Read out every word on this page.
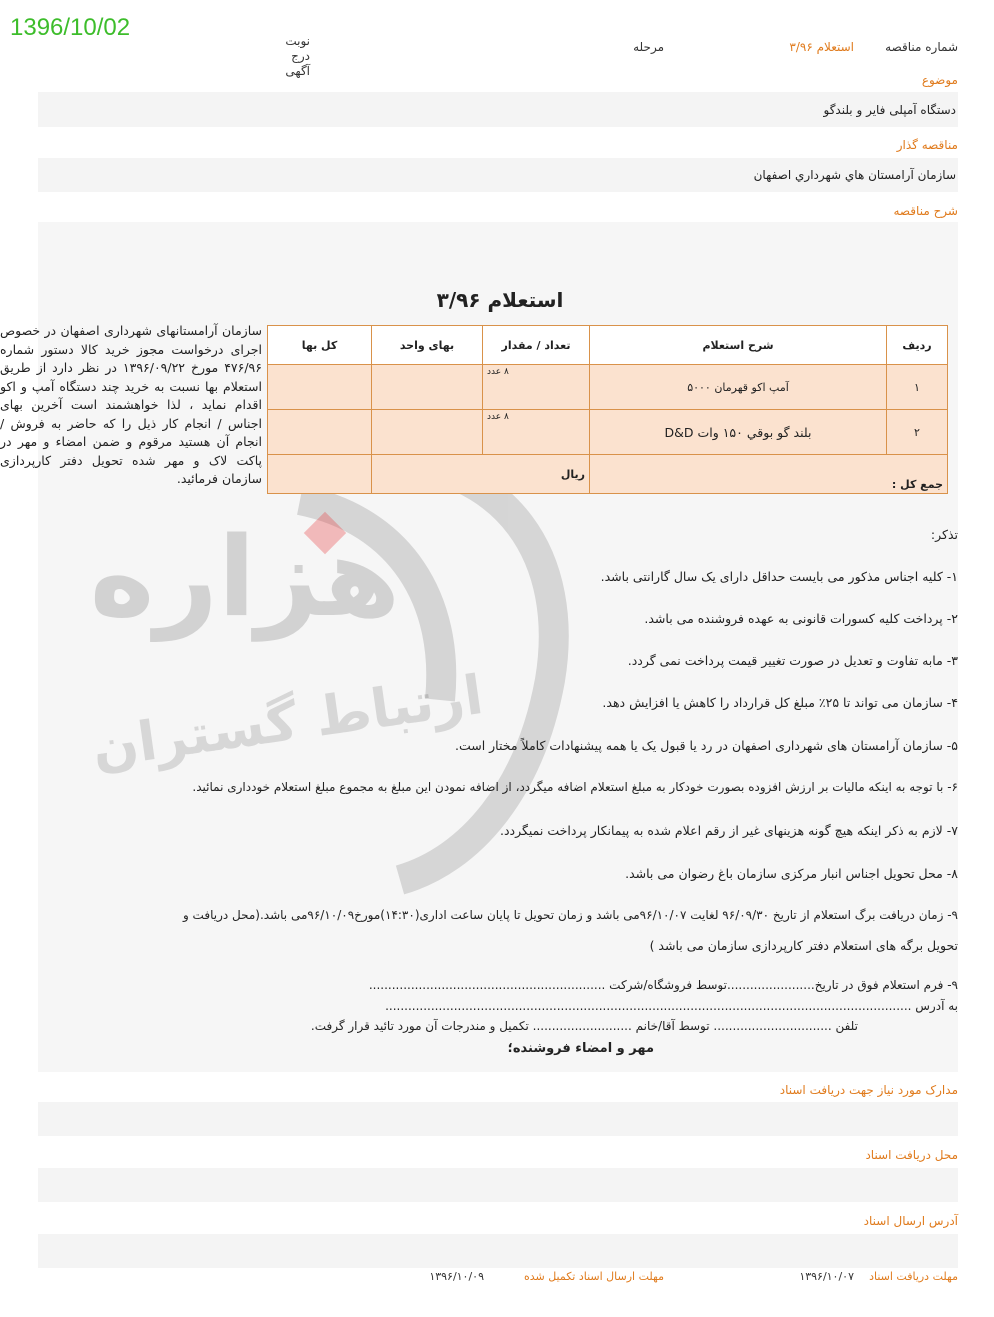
1396/10/02
شماره مناقصه
استعلام ۳/۹۶
مرحله
نوبت درج آگهی
موضوع
دستگاه آمپلی فایر و بلندگو
مناقصه گذار
سازمان آرامستان هاي شهرداري اصفهان
شرح مناقصه
استعلام ۳/۹۶
سازمان آرامستانهای شهرداری اصفهان در خصوص اجرای درخواست مجوز خرید کالا دستور شماره ۴۷۶/۹۶ مورخ ۱۳۹۶/۰۹/۲۲ در نظر دارد از طریق استعلام بها نسبت به خرید چند دستگاه آمپ و اکو اقدام نماید ، لذا خواهشمند است آخرین بهای اجناس / انجام کار ذیل را که حاضر به فروش / انجام آن هستید مرقوم و ضمن امضاء و مهر در پاکت لاک و مهر شده تحویل دفتر کارپردازی سازمان فرمائید.
ردیف	شرح استعلام	تعداد / مقدار	بهای واحد	کل بها
۱	آمپ اکو قهرمان ۵۰۰۰	۸ عدد		
۲	بلند گو بوقي ۱۵۰ وات D&D	۸ عدد		
جمع کل :		ریال		
تذکر:
۱- کلیه اجناس مذکور می بایست حداقل دارای یک سال گارانتی باشد.
۲- پرداخت کلیه کسورات قانونی به عهده فروشنده می باشد.
۳- مابه تفاوت و تعدیل در صورت تغییر قیمت پرداخت نمی گردد.
۴- سازمان می تواند تا ۲۵٪ مبلغ کل قرارداد را کاهش یا افزایش دهد.
۵- سازمان آرامستان های شهرداری اصفهان در رد یا قبول یک یا همه پیشنهادات کاملاً مختار است.
۶- با توجه به اینکه مالیات بر ارزش افزوده بصورت خودکار به مبلغ استعلام اضافه میگردد، از اضافه نمودن این مبلغ به مجموع مبلغ استعلام خودداری نمائید.
۷- لازم به ذکر اینکه هیچ گونه هزینهای غیر از رقم اعلام شده به پیمانکار پرداخت نمیگردد.
۸- محل تحویل اجناس انبار مرکزی سازمان باغ رضوان می باشد.
۹- زمان دریافت برگ استعلام از تاریخ ۹۶/۰۹/۳۰ لغایت ۹۶/۱۰/۰۷می باشد و زمان تحویل تا پایان ساعت اداری(۱۴:۳۰)مورخ۹۶/۱۰/۰۹می باشد.(محل دریافت و
تحویل برگه های استعلام دفتر کارپردازی سازمان می باشد )
۹- فرم استعلام فوق در تاریخ.......................توسط فروشگاه/شرکت ..............................................................
به آدرس ..........................................................................................................................................
تلفن ............................... توسط آقا/خانم .......................... تکمیل و مندرجات آن مورد تائید قرار گرفت.
مهر و امضاء فروشنده؛
مدارک مورد نیاز جهت دریافت اسناد
محل دریافت اسناد
آدرس ارسال اسناد
مهلت دریافت اسناد
۱۳۹۶/۱۰/۰۷
مهلت ارسال اسناد تکمیل شده
۱۳۹۶/۱۰/۰۹
